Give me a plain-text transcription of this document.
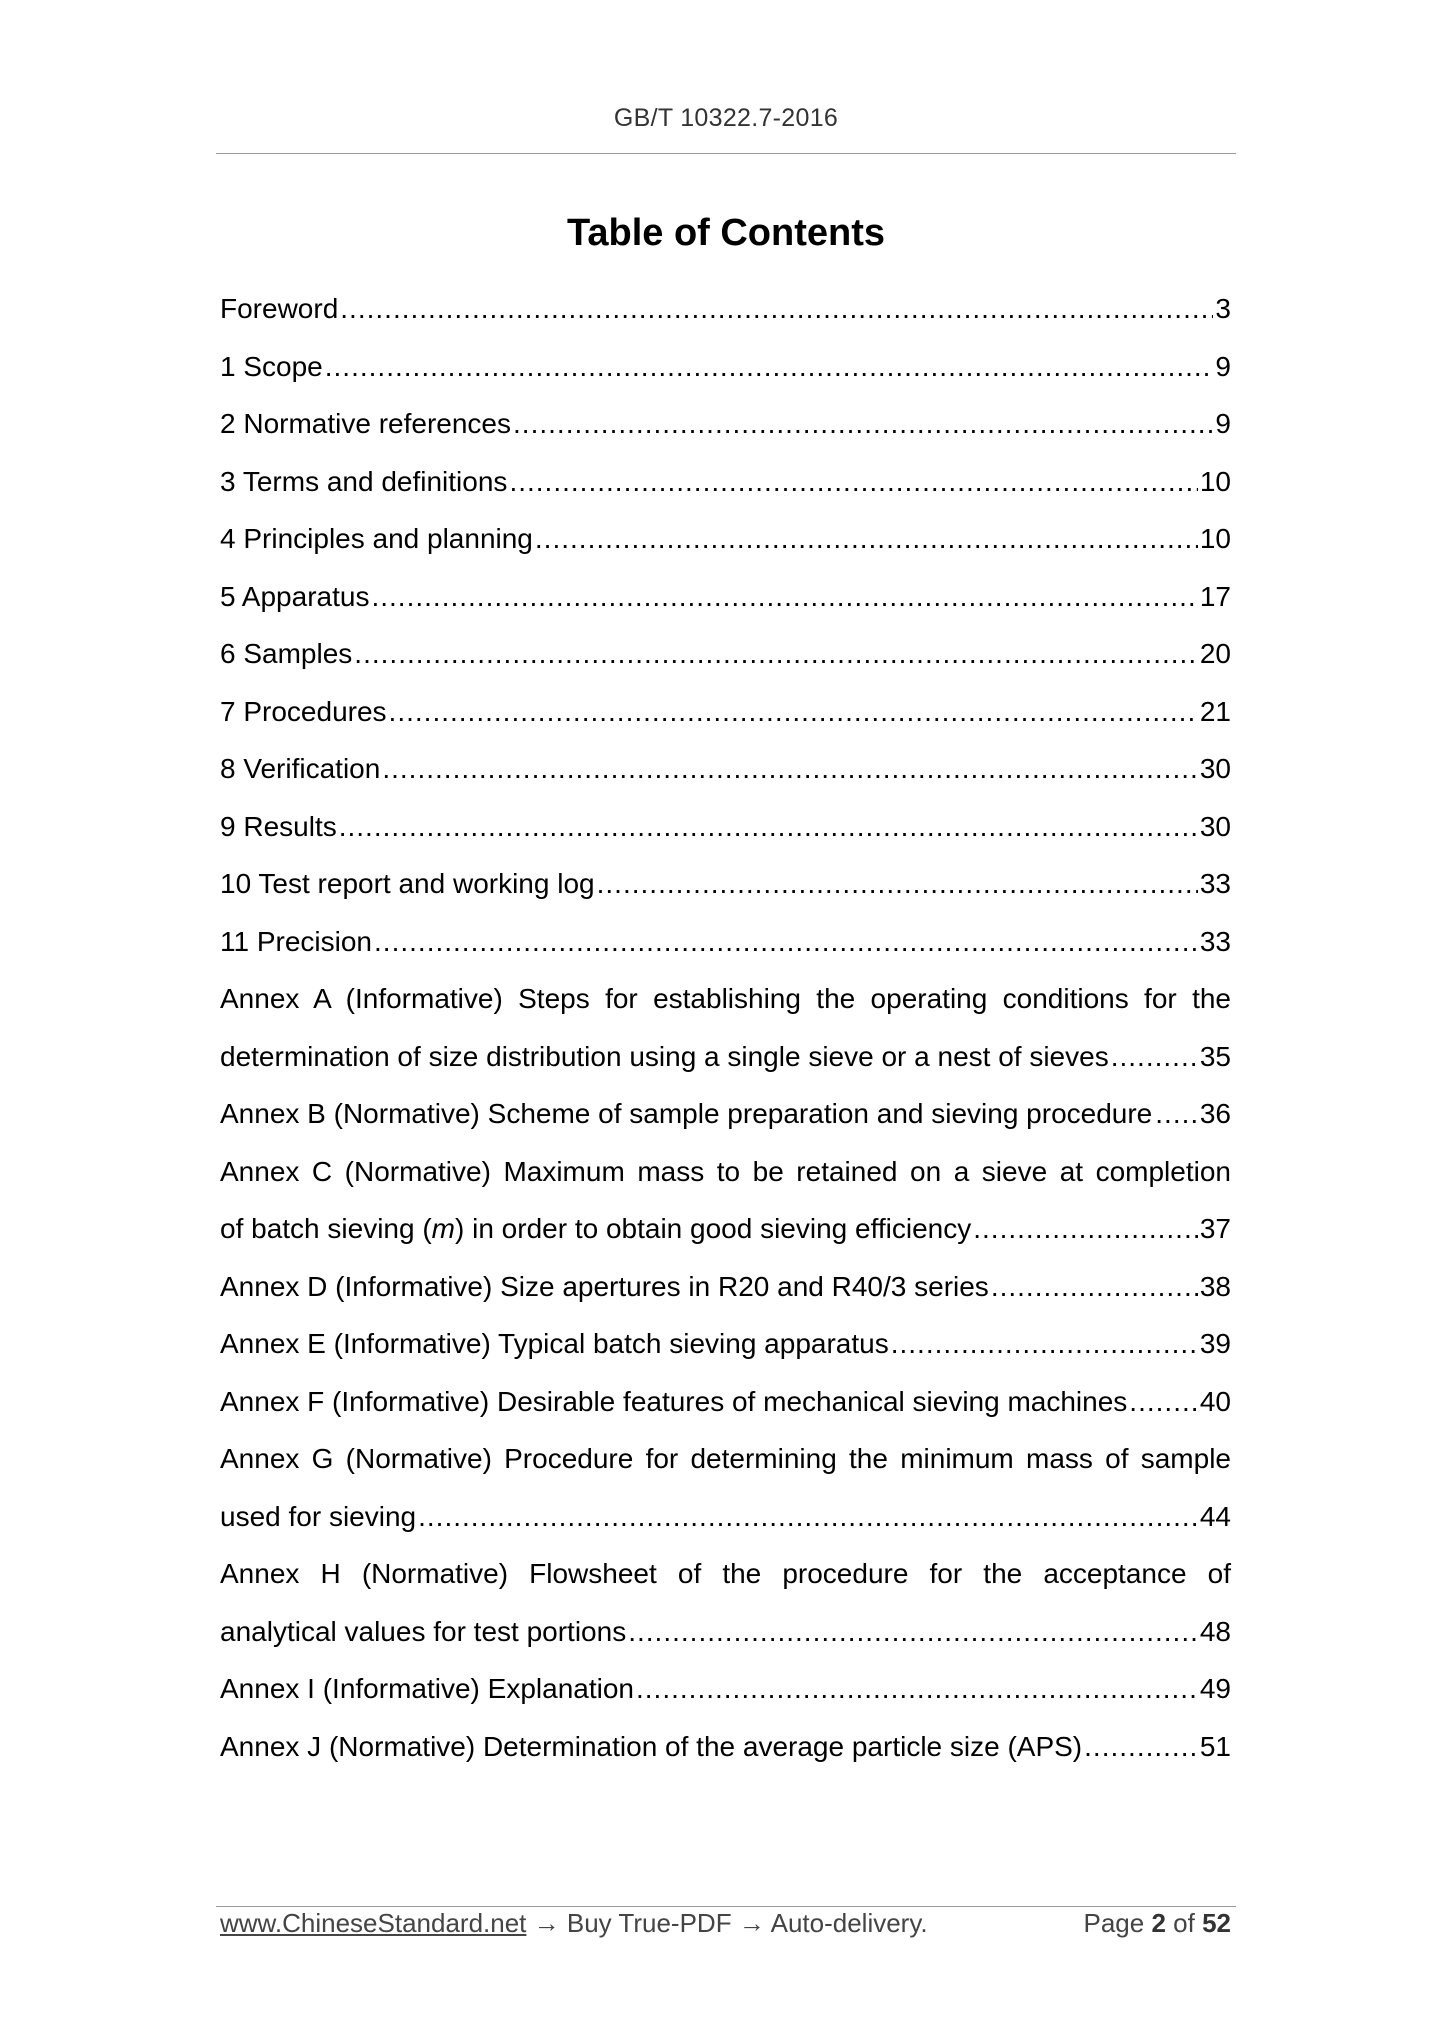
GB/T 10322.7-2016
Table of Contents
Foreword .....	3
1 Scope .....	9
2 Normative references .....	9
3 Terms and definitions .....	10
4 Principles and planning .....	10
5 Apparatus .....	17
6 Samples .....	20
7 Procedures .....	21
8 Verification .....	30
9 Results .....	30
10 Test report and working log .....	33
11 Precision .....	33
Annex A (Informative) Steps for establishing the operating conditions for the
determination of size distribution using a single sieve or a nest of sieves .....	35
Annex B (Normative) Scheme of sample preparation and sieving procedure ..... 36
Annex C (Normative) Maximum mass to be retained on a sieve at completion
of batch sieving (m) in order to obtain good sieving efficiency .....	37
Annex D (Informative) Size apertures in R20 and R40/3 series .....	38
Annex E (Informative) Typical batch sieving apparatus .....	39
Annex F (Informative) Desirable features of mechanical sieving machines .....	40
Annex G (Normative) Procedure for determining the minimum mass of sample
used for sieving .....	44
Annex H (Normative) Flowsheet of the procedure for the acceptance of
analytical values for test portions .....	48
Annex I (Informative) Explanation .....	49
Annex J (Normative) Determination of the average particle size (APS) .....	51
www.ChineseStandard.net → Buy True-PDF → Auto-delivery.	Page 2 of 52
